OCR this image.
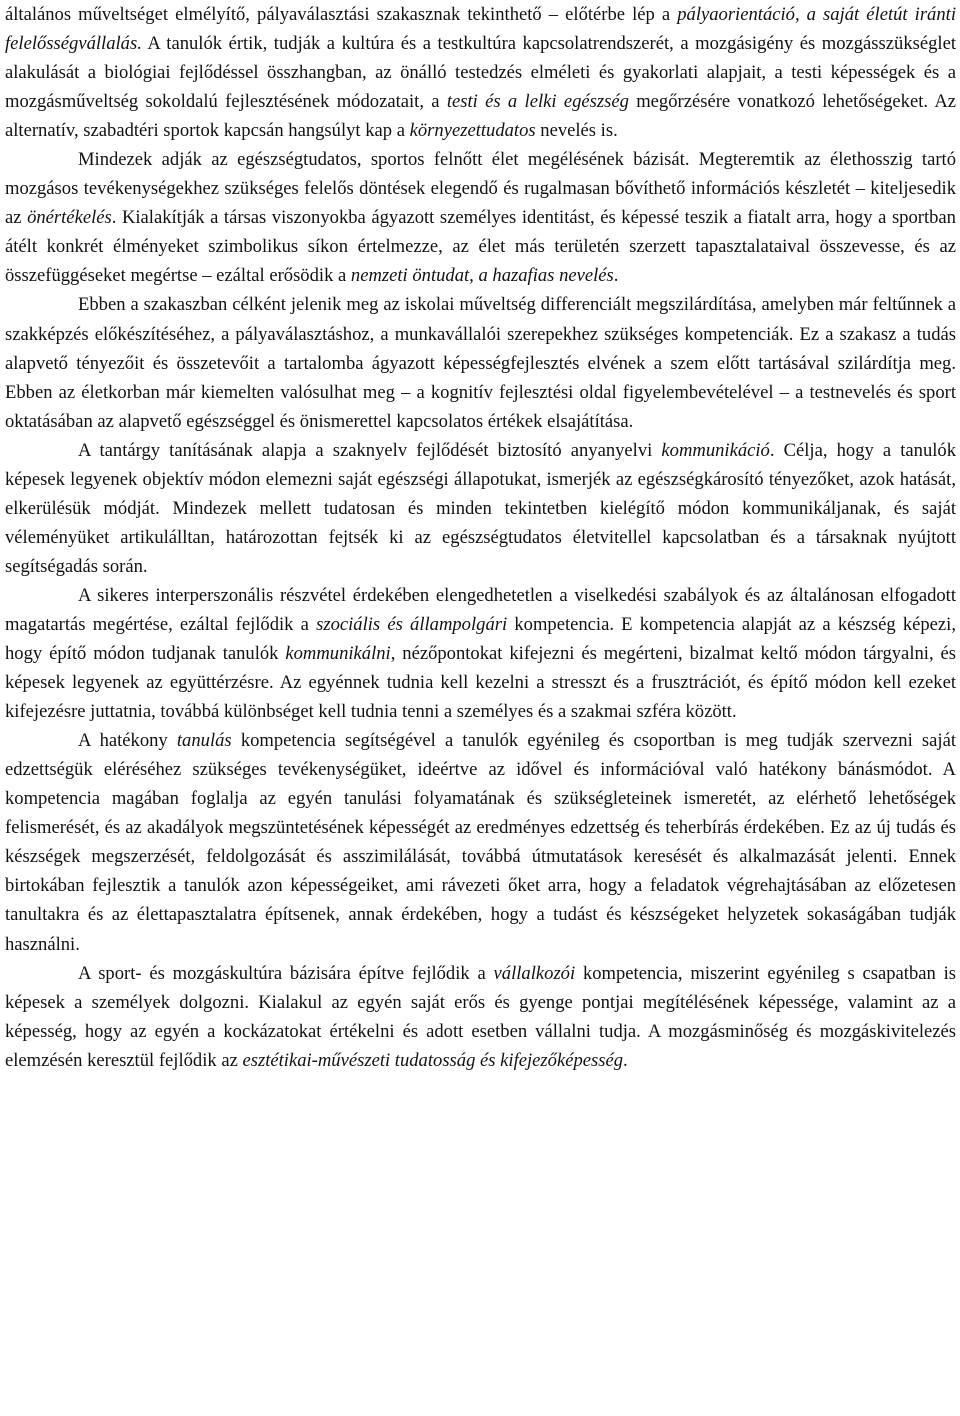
általános műveltséget elmélyítő, pályaválasztási szakasznak tekinthető – előtérbe lép a pályaorientáció, a saját életút iránti felelősségvállalás. A tanulók értik, tudják a kultúra és a testkultúra kapcsolatrendszerét, a mozgásigény és mozgásszükséglet alakulását a biológiai fejlődéssel összhangban, az önálló testedzés elméleti és gyakorlati alapjait, a testi képességek és a mozgásműveltség sokoldalú fejlesztésének módozatait, a testi és a lelki egészség megőrzésére vonatkozó lehetőségeket. Az alternatív, szabadtéri sportok kapcsán hangsúlyt kap a környezettudatos nevelés is.

Mindezek adják az egészségtudatos, sportos felnőtt élet megélésének bázisát. Megteremtik az élethosszig tartó mozgásos tevékenységekhez szükséges felelős döntések elegendő és rugalmasan bővíthető információs készletét – kiteljesedik az önértékelés. Kialakítják a társas viszonyokba ágyazott személyes identitást, és képessé teszik a fiatalt arra, hogy a sportban átélt konkrét élményeket szimbolikus síkon értelmezze, az élet más területén szerzett tapasztalataival összevesse, és az összefüggéseket megértse – ezáltal erősödik a nemzeti öntudat, a hazafias nevelés.

Ebben a szakaszban célként jelenik meg az iskolai műveltség differenciált megszilárdítása, amelyben már feltűnnek a szakképzés előkészítéséhez, a pályaválasztáshoz, a munkavállalói szerepekhez szükséges kompetenciák. Ez a szakasz a tudás alapvető tényezőit és összetevőit a tartalomba ágyazott képességfejlesztés elvének a szem előtt tartásával szilárdítja meg. Ebben az életkorban már kiemelten valósulhat meg – a kognitív fejlesztési oldal figyelembevételével – a testnevelés és sport oktatásában az alapvető egészséggel és önismerettel kapcsolatos értékek elsajátítása.

A tantárgy tanításának alapja a szaknyelv fejlődését biztosító anyanyelvi kommunikáció. Célja, hogy a tanulók képesek legyenek objektív módon elemezni saját egészségi állapotukat, ismerjék az egészségkárosító tényezőket, azok hatását, elkerülésük módját. Mindezek mellett tudatosan és minden tekintetben kielégítő módon kommunikáljanak, és saját véleményüket artikulálltan, határozottan fejtsék ki az egészségtudatos életvitellel kapcsolatban és a társaknak nyújtott segítségadás során.

A sikeres interperszonális részvétel érdekében elengedhetetlen a viselkedési szabályok és az általánosan elfogadott magatartás megértése, ezáltal fejlődik a szociális és állampolgári kompetencia. E kompetencia alapját az a készség képezi, hogy építő módon tudjanak tanulók kommunikálni, nézőpontokat kifejezni és megérteni, bizalmat keltő módon tárgyalni, és képesek legyenek az együttérzésre. Az egyénnek tudnia kell kezelni a stresszt és a frusztrációt, és építő módon kell ezeket kifejezésre juttatnia, továbbá különbséget kell tudnia tenni a személyes és a szakmai szféra között.

A hatékony tanulás kompetencia segítségével a tanulók egyénileg és csoportban is meg tudják szervezni saját edzettségük eléréséhez szükséges tevékenységüket, ideértve az idővel és információval való hatékony bánásmódot. A kompetencia magában foglalja az egyén tanulási folyamatának és szükségleteinek ismeretét, az elérhető lehetőségek felismerését, és az akadályok megszüntetésének képességét az eredményes edzettség és teherbírás érdekében. Ez az új tudás és készségek megszerzését, feldolgozását és asszimilálását, továbbá útmutatások keresését és alkalmazását jelenti. Ennek birtokában fejlesztik a tanulók azon képességeiket, ami rávezeti őket arra, hogy a feladatok végrehajtásában az előzetesen tanultakra és az élettapasztalatra építsenek, annak érdekében, hogy a tudást és készségeket helyzetek sokaságában tudják használni.

A sport- és mozgáskultúra bázisára építve fejlődik a vállalkozói kompetencia, miszerint egyénileg s csapatban is képesek a személyek dolgozni. Kialakul az egyén saját erős és gyenge pontjai megítélésének képessége, valamint az a képesség, hogy az egyén a kockázatokat értékelni és adott esetben vállalni tudja. A mozgásminőség és mozgáskivitelezés elemzésén keresztül fejlődik az esztétikai-művészeti tudatosság és kifejezőképesség.
